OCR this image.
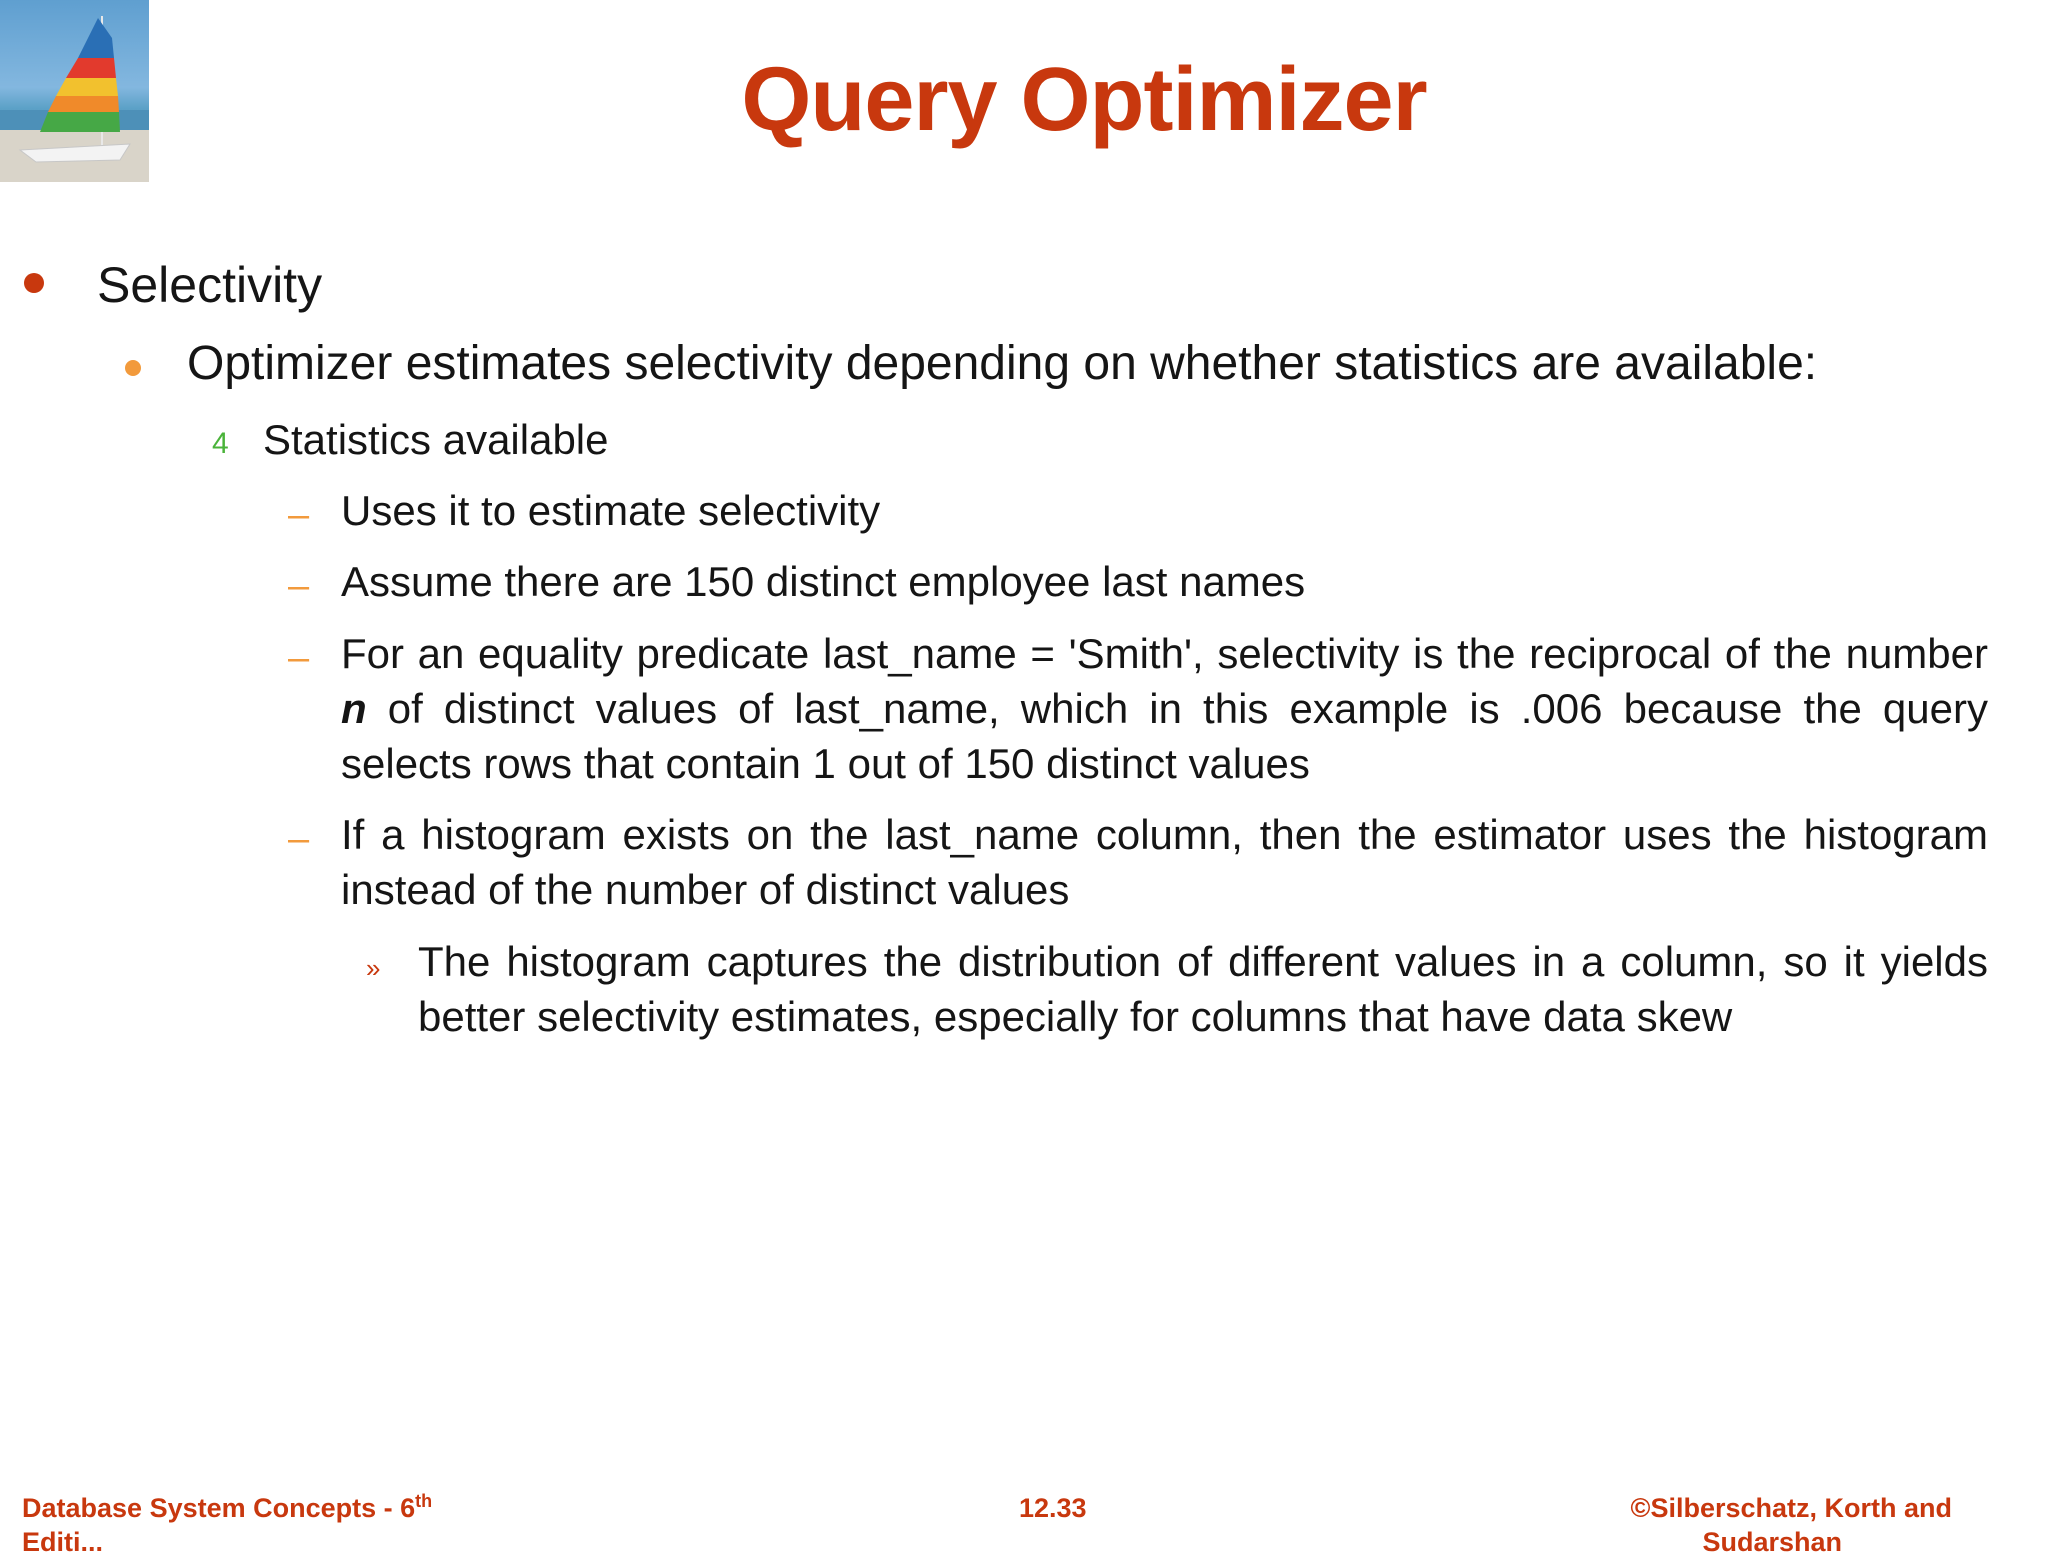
Query Optimizer
Selectivity
Optimizer estimates selectivity depending on whether statistics are available:
4 Statistics available
– Uses it to estimate selectivity
– Assume there are 150 distinct employee last names
– For an equality predicate last_name = 'Smith', selectivity is the reciprocal of the number n of distinct values of last_name, which in this example is .006 because the query selects rows that contain 1 out of 150 distinct values
– If a histogram exists on the last_name column, then the estimator uses the histogram instead of the number of distinct values
» The histogram captures the distribution of different values in a column, so it yields better selectivity estimates, especially for columns that have data skew
Database System Concepts - 6th
Editi...
12.33	©Silberschatz, Korth and
Sudarshan
